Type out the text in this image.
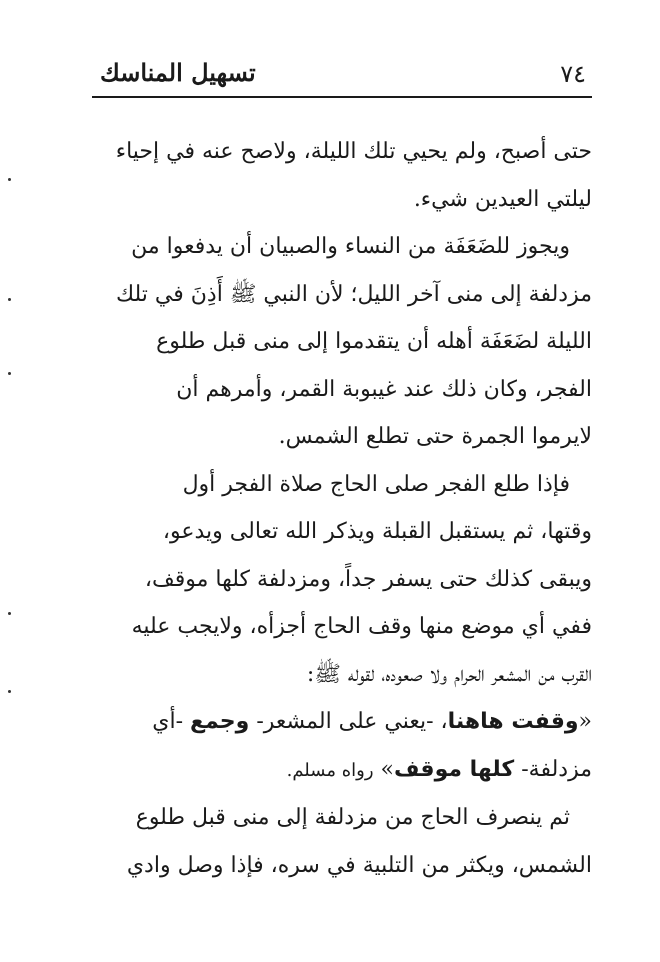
تسهيل المناسك	٧٤

حتى أصبح، ولم يحيي تلك الليلة، ولاصح عنه في إحياء
ليلتي العيدين شيء.

ويجوز للضَعَفَة من النساء والصبيان أن يدفعوا من
مزدلفة إلى منى آخر الليل؛ لأن النبي ﷺ أَذِنَ في تلك
الليلة لضَعَفَة أهله أن يتقدموا إلى منى قبل طلوع
الفجر، وكان ذلك عند غيبوبة القمر، وأمرهم أن
لايرموا الجمرة حتى تطلع الشمس.

فإذا طلع الفجر صلى الحاج صلاة الفجر أول
وقتها، ثم يستقبل القبلة ويذكر الله تعالى ويدعو،
ويبقى كذلك حتى يسفر جداً، ومزدلفة كلها موقف،
ففي أي موضع منها وقف الحاج أجزأه، ولايجب عليه
القرب من المشعر الحرام ولا صعوده، لقوله ﷺ:
«وقفت هاهنا، -يعني على المشعر- وجمع -أي
مزدلفة- كلها موقف» رواه مسلم.

ثم ينصرف الحاج من مزدلفة إلى منى قبل طلوع
الشمس، ويكثر من التلبية في سره، فإذا وصل وادي
